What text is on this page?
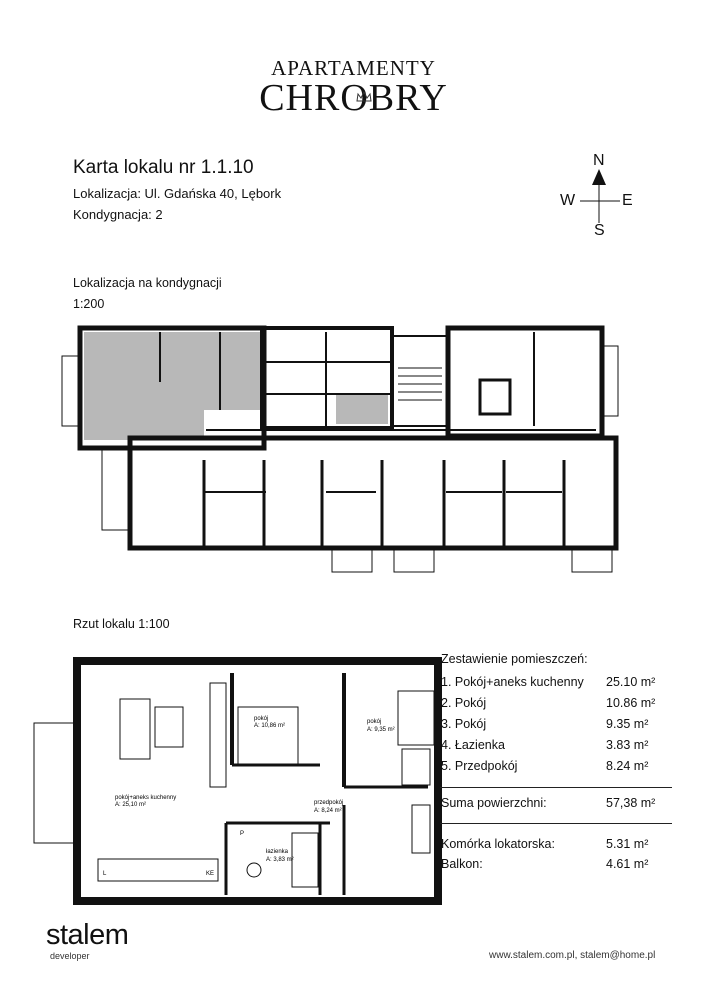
APARTAMENTY
CHROBRY
Karta lokalu nr 1.1.10
Lokalizacja: Ul. Gdańska 40, Lębork
Kondygnacja: 2
N
W	E
S
Lokalizacja na kondygnacji
1:200
Rzut lokalu 1:100
pokój+aneks kuchenny
A: 25,10 m²
pokój
A: 10,86 m²
pokój
A: 9,35 m²
przedpokój
A: 8,24 m²
łazienka
A: 3,83 m²
L	KE
P
Zestawienie pomieszczeń:
1. Pokój+aneks kuchenny 25.10 m²
2. Pokój	10.86 m²
3. Pokój	9.35 m²
4. Łazienka	3.83 m²
5. Przedpokój	8.24 m²
Suma powierzchni:	57,38 m²
Komórka lokatorska:	5.31 m²
Balkon:	4.61 m²
stalem
developer	www.stalem.com.pl, stalem@home.pl
